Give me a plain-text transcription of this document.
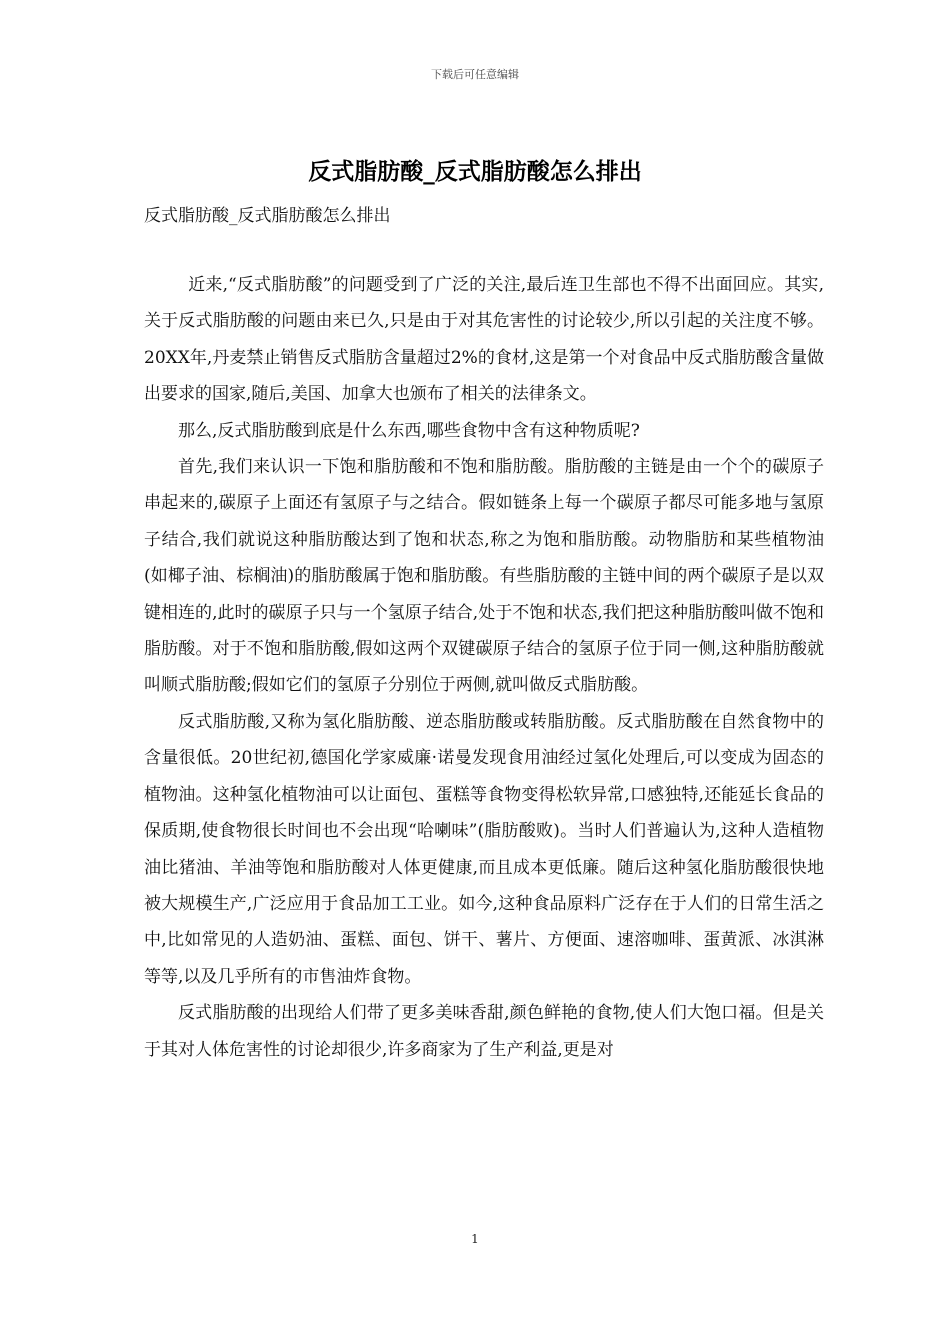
下载后可任意编辑
反式脂肪酸_反式脂肪酸怎么排出
反式脂肪酸_反式脂肪酸怎么排出

近来,“反式脂肪酸”的问题受到了广泛的关注,最后连卫生部也不得不出面回应。其实,关于反式脂肪酸的问题由来已久,只是由于对其危害性的讨论较少,所以引起的关注度不够。20XX年,丹麦禁止销售反式脂肪含量超过2%的食材,这是第一个对食品中反式脂肪酸含量做出要求的国家,随后,美国、加拿大也颁布了相关的法律条文。

那么,反式脂肪酸到底是什么东西,哪些食物中含有这种物质呢?

首先,我们来认识一下饱和脂肪酸和不饱和脂肪酸。脂肪酸的主链是由一个个的碳原子串起来的,碳原子上面还有氢原子与之结合。假如链条上每一个碳原子都尽可能多地与氢原子结合,我们就说这种脂肪酸达到了饱和状态,称之为饱和脂肪酸。动物脂肪和某些植物油(如椰子油、棕榈油)的脂肪酸属于饱和脂肪酸。有些脂肪酸的主链中间的两个碳原子是以双键相连的,此时的碳原子只与一个氢原子结合,处于不饱和状态,我们把这种脂肪酸叫做不饱和脂肪酸。对于不饱和脂肪酸,假如这两个双键碳原子结合的氢原子位于同一侧,这种脂肪酸就叫顺式脂肪酸;假如它们的氢原子分别位于两侧,就叫做反式脂肪酸。

反式脂肪酸,又称为氢化脂肪酸、逆态脂肪酸或转脂肪酸。反式脂肪酸在自然食物中的含量很低。20世纪初,德国化学家威廉·诺曼发现食用油经过氢化处理后,可以变成为固态的植物油。这种氢化植物油可以让面包、蛋糕等食物变得松软异常,口感独特,还能延长食品的保质期,使食物很长时间也不会出现“哈喇味”(脂肪酸败)。当时人们普遍认为,这种人造植物油比猪油、羊油等饱和脂肪酸对人体更健康,而且成本更低廉。随后这种氢化脂肪酸很快地被大规模生产,广泛应用于食品加工工业。如今,这种食品原料广泛存在于人们的日常生活之中,比如常见的人造奶油、蛋糕、面包、饼干、薯片、方便面、速溶咖啡、蛋黄派、冰淇淋等等,以及几乎所有的市售油炸食物。

反式脂肪酸的出现给人们带了更多美味香甜,颜色鲜艳的食物,使人们大饱口福。但是关于其对人体危害性的讨论却很少,许多商家为了生产利益,更是对

1
